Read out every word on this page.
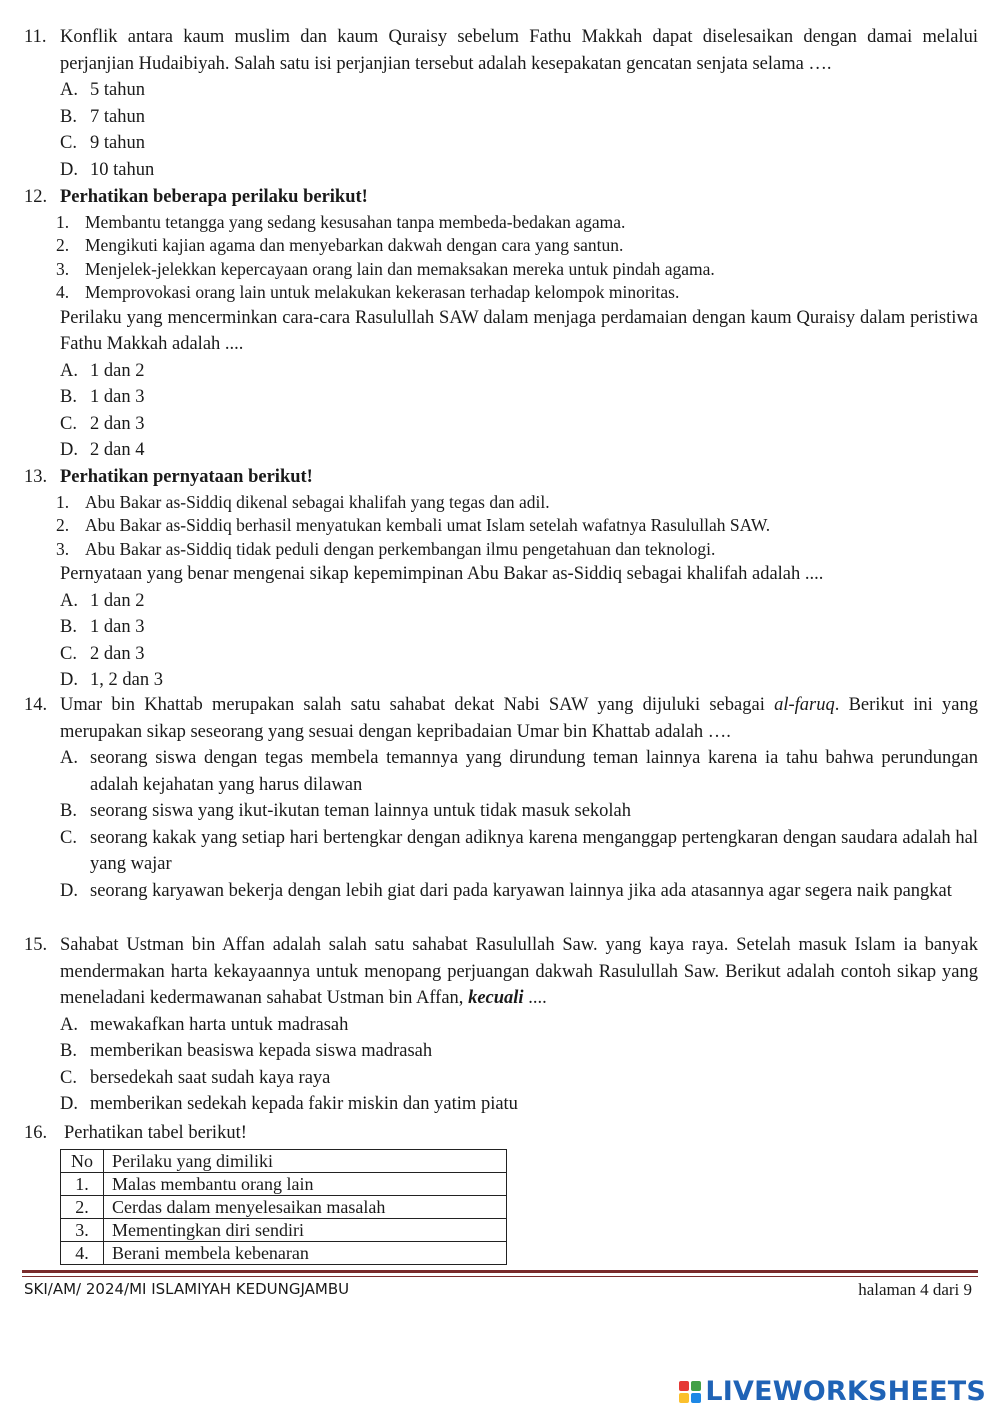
11. Konflik antara kaum muslim dan kaum Quraisy sebelum Fathu Makkah dapat diselesaikan dengan damai melalui perjanjian Hudaibiyah. Salah satu isi perjanjian tersebut adalah kesepakatan gencatan senjata selama ….
A. 5 tahun
B. 7 tahun
C. 9 tahun
D. 10 tahun
12. Perhatikan beberapa perilaku berikut!
1. Membantu tetangga yang sedang kesusahan tanpa membeda-bedakan agama.
2. Mengikuti kajian agama dan menyebarkan dakwah dengan cara yang santun.
3. Menjelek-jelekkan kepercayaan orang lain dan memaksakan mereka untuk pindah agama.
4. Memprovokasi orang lain untuk melakukan kekerasan terhadap kelompok minoritas.
Perilaku yang mencerminkan cara-cara Rasulullah SAW dalam menjaga perdamaian dengan kaum Quraisy dalam peristiwa Fathu Makkah adalah ....
A. 1 dan 2
B. 1 dan 3
C. 2 dan 3
D. 2 dan 4
13. Perhatikan pernyataan berikut!
1. Abu Bakar as-Siddiq dikenal sebagai khalifah yang tegas dan adil.
2. Abu Bakar as-Siddiq berhasil menyatukan kembali umat Islam setelah wafatnya Rasulullah SAW.
3. Abu Bakar as-Siddiq tidak peduli dengan perkembangan ilmu pengetahuan dan teknologi.
Pernyataan yang benar mengenai sikap kepemimpinan Abu Bakar as-Siddiq sebagai khalifah adalah ....
A. 1 dan 2
B. 1 dan 3
C. 2 dan 3
D. 1, 2 dan 3
14. Umar bin Khattab merupakan salah satu sahabat dekat Nabi SAW yang dijuluki sebagai al-faruq. Berikut ini yang merupakan sikap seseorang yang sesuai dengan kepribadaian Umar bin Khattab adalah ….
A. seorang siswa dengan tegas membela temannya yang dirundung teman lainnya karena ia tahu bahwa perundungan adalah kejahatan yang harus dilawan
B. seorang siswa yang ikut-ikutan teman lainnya untuk tidak masuk sekolah
C. seorang kakak yang setiap hari bertengkar dengan adiknya karena menganggap pertengkaran dengan saudara adalah hal yang wajar
D. seorang karyawan bekerja dengan lebih giat dari pada karyawan lainnya jika ada atasannya agar segera naik pangkat
15. Sahabat Ustman bin Affan adalah salah satu sahabat Rasulullah Saw. yang kaya raya. Setelah masuk Islam ia banyak mendermakan harta kekayaannya untuk menopang perjuangan dakwah Rasulullah Saw. Berikut adalah contoh sikap yang meneladani kedermawanan sahabat Ustman bin Affan, kecuali ....
A. mewakafkan harta untuk madrasah
B. memberikan beasiswa kepada siswa madrasah
C. bersedekah saat sudah kaya raya
D. memberikan sedekah kepada fakir miskin dan yatim piatu
16. Perhatikan tabel berikut!
No	Perilaku yang dimiliki
1.	Malas membantu orang lain
2.	Cerdas dalam menyelesaikan masalah
3.	Mementingkan diri sendiri
4.	Berani membela kebenaran
SKI/AM/ 2024/MI ISLAMIYAH KEDUNGJAMBU	halaman 4 dari 9
LIVEWORKSHEETS
